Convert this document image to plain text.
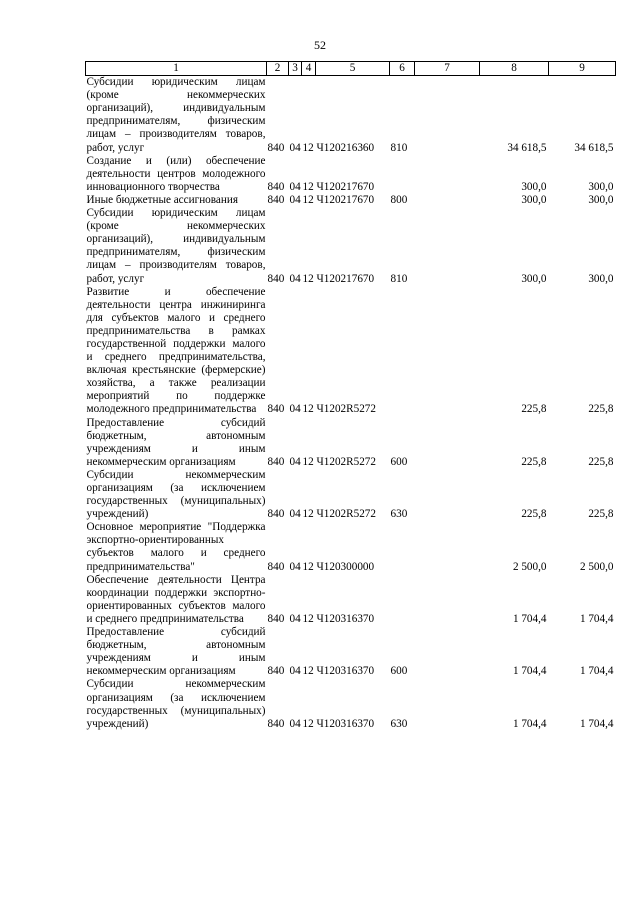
52
1	2	3	4	5	6	7	8	9
Субсидии юридическим лицам (кроме некоммерческих организаций), индивидуальным предпринимателям, физическим лицам – производителям товаров, работ, услуг	840	04	12	Ч120216360	810		34 618,5	34 618,5
Создание и (или) обеспечение деятельности центров молодежного инновационного творчества	840	04	12	Ч120217670			300,0	300,0
Иные бюджетные ассигнования	840	04	12	Ч120217670	800		300,0	300,0
Субсидии юридическим лицам (кроме некоммерческих организаций), индивидуальным предпринимателям, физическим лицам – производителям товаров, работ, услуг	840	04	12	Ч120217670	810		300,0	300,0
Развитие и обеспечение деятельности центра инжиниринга для субъектов малого и среднего предпринимательства в рамках государственной поддержки малого и среднего предпринимательства, включая крестьянские (фермерские) хозяйства, а также реализации мероприятий по поддержке молодежного предпринимательства	840	04	12	Ч1202R5272			225,8	225,8
Предоставление субсидий бюджетным, автономным учреждениям и иным некоммерческим организациям	840	04	12	Ч1202R5272	600		225,8	225,8
Субсидии некоммерческим организациям (за исключением государственных (муниципальных) учреждений)	840	04	12	Ч1202R5272	630		225,8	225,8
Основное мероприятие "Поддержка экспортно-ориентированных субъектов малого и среднего предпринимательства"	840	04	12	Ч120300000			2 500,0	2 500,0
Обеспечение деятельности Центра координации поддержки экспортно-ориентированных субъектов малого и среднего предпринимательства	840	04	12	Ч120316370			1 704,4	1 704,4
Предоставление субсидий бюджетным, автономным учреждениям и иным некоммерческим организациям	840	04	12	Ч120316370	600		1 704,4	1 704,4
Субсидии некоммерческим организациям (за исключением государственных (муниципальных) учреждений)	840	04	12	Ч120316370	630		1 704,4	1 704,4
